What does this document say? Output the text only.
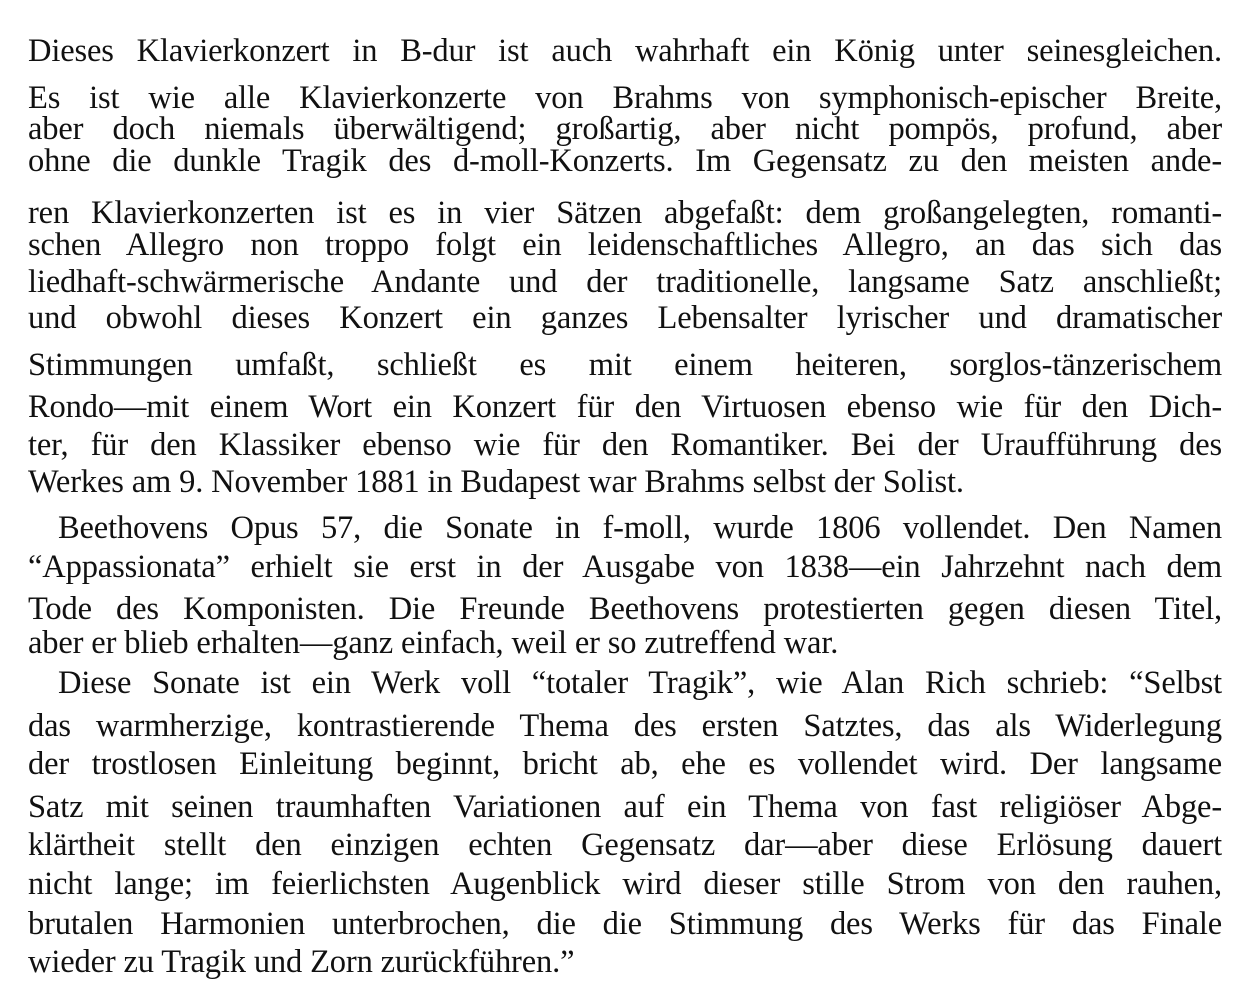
Dieses Klavierkonzert in B-dur ist auch wahrhaft ein König unter seinesgleichen.
Es ist wie alle Klavierkonzerte von Brahms von symphonisch-epischer Breite,
aber doch niemals überwältigend; großartig, aber nicht pompös, profund, aber
ohne die dunkle Tragik des d-moll-Konzerts. Im Gegensatz zu den meisten ande-
ren Klavierkonzerten ist es in vier Sätzen abgefaßt: dem großangelegten, romanti-
schen Allegro non troppo folgt ein leidenschaftliches Allegro, an das sich das
liedhaft-schwärmerische Andante und der traditionelle, langsame Satz anschließt;
und obwohl dieses Konzert ein ganzes Lebensalter lyrischer und dramatischer
Stimmungen umfaßt, schließt es mit einem heiteren, sorglos-tänzerischem
Rondo—mit einem Wort ein Konzert für den Virtuosen ebenso wie für den Dich-
ter, für den Klassiker ebenso wie für den Romantiker. Bei der Uraufführung des
Werkes am 9. November 1881 in Budapest war Brahms selbst der Solist.
Beethovens Opus 57, die Sonate in f-moll, wurde 1806 vollendet. Den Namen
“Appassionata” erhielt sie erst in der Ausgabe von 1838—ein Jahrzehnt nach dem
Tode des Komponisten. Die Freunde Beethovens protestierten gegen diesen Titel,
aber er blieb erhalten—ganz einfach, weil er so zutreffend war.
Diese Sonate ist ein Werk voll “totaler Tragik”, wie Alan Rich schrieb: “Selbst
das warmherzige, kontrastierende Thema des ersten Satztes, das als Widerlegung
der trostlosen Einleitung beginnt, bricht ab, ehe es vollendet wird. Der langsame
Satz mit seinen traumhaften Variationen auf ein Thema von fast religiöser Abge-
klärtheit stellt den einzigen echten Gegensatz dar—aber diese Erlösung dauert
nicht lange; im feierlichsten Augenblick wird dieser stille Strom von den rauhen,
brutalen Harmonien unterbrochen, die die Stimmung des Werks für das Finale
wieder zu Tragik und Zorn zurückführen.”
